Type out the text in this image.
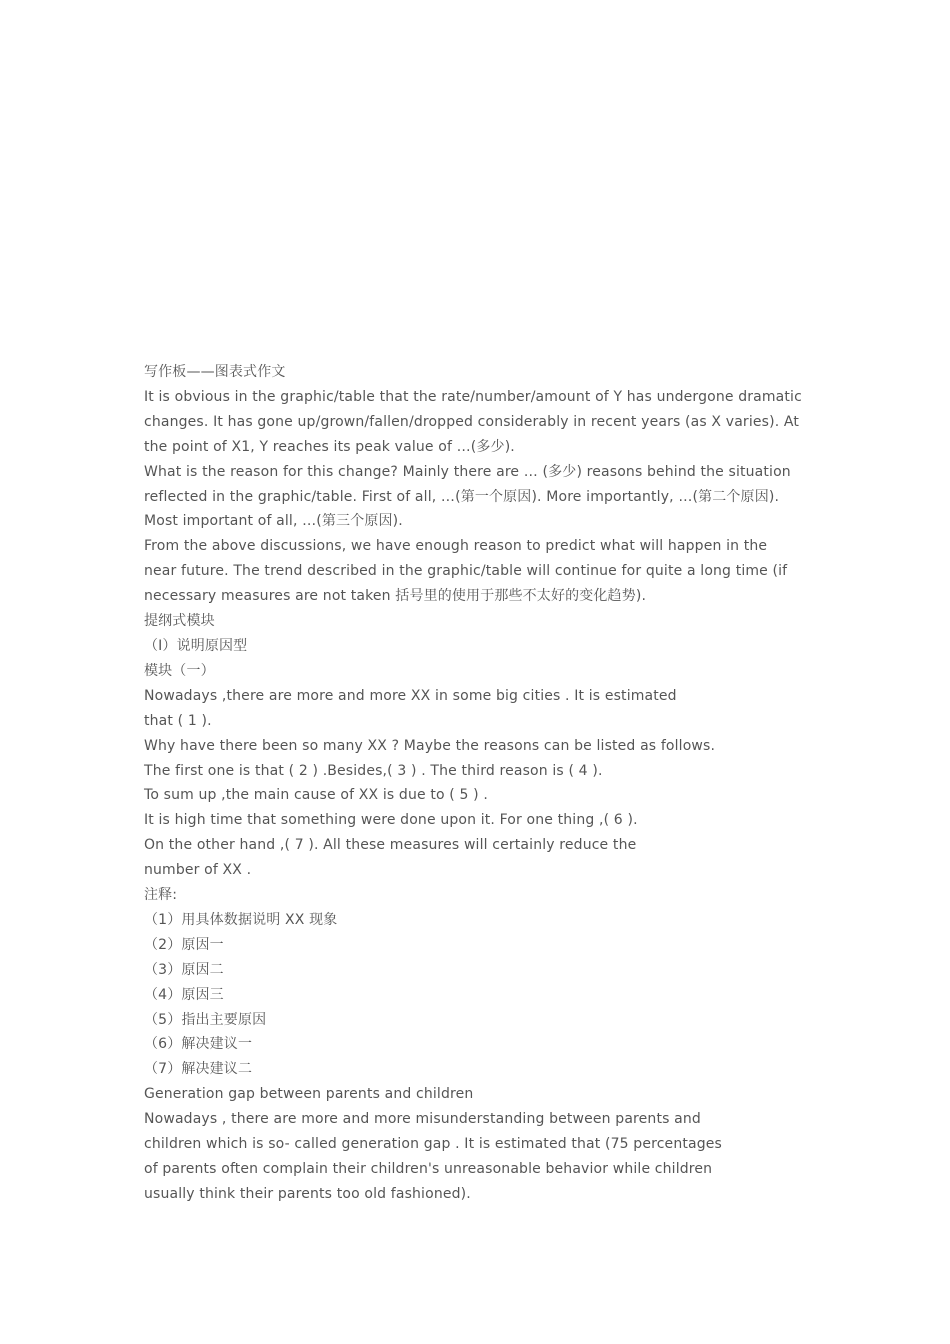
写作板——图表式作文
It is obvious in the graphic/table that the rate/number/amount of Y has undergone dramatic
changes. It has gone up/grown/fallen/dropped considerably in recent years (as X varies). At
the point of X1, Y reaches its peak value of …(多少).
What is the reason for this change? Mainly there are … (多少) reasons behind the situation
reflected in the graphic/table. First of all, …(第一个原因). More importantly, …(第二个原因).
Most important of all, …(第三个原因).
From the above discussions, we have enough reason to predict what will happen in the
near future. The trend described in the graphic/table will continue for quite a long time (if
necessary measures are not taken 括号里的使用于那些不太好的变化趋势).
提纲式模块
（I）说明原因型
模块（一）
Nowadays ,there are more and more XX in some big cities . It is estimated
that ( 1 ).
Why have there been so many XX ? Maybe the reasons can be listed as follows.
The first one is that ( 2 ) .Besides,( 3 ) . The third reason is ( 4 ).
To sum up ,the main cause of XX is due to ( 5 ) .
It is high time that something were done upon it. For one thing ,( 6 ).
On the other hand ,( 7 ). All these measures will certainly reduce the
number of XX .
注释:
（1）用具体数据说明 XX 现象
（2）原因一
（3）原因二
（4）原因三
（5）指出主要原因
（6）解决建议一
（7）解决建议二
Generation gap between parents and children
Nowadays , there are more and more misunderstanding between parents and
children which is so- called generation gap . It is estimated that (75 percentages
of parents often complain their children's unreasonable behavior while children
usually think their parents too old fashioned).
